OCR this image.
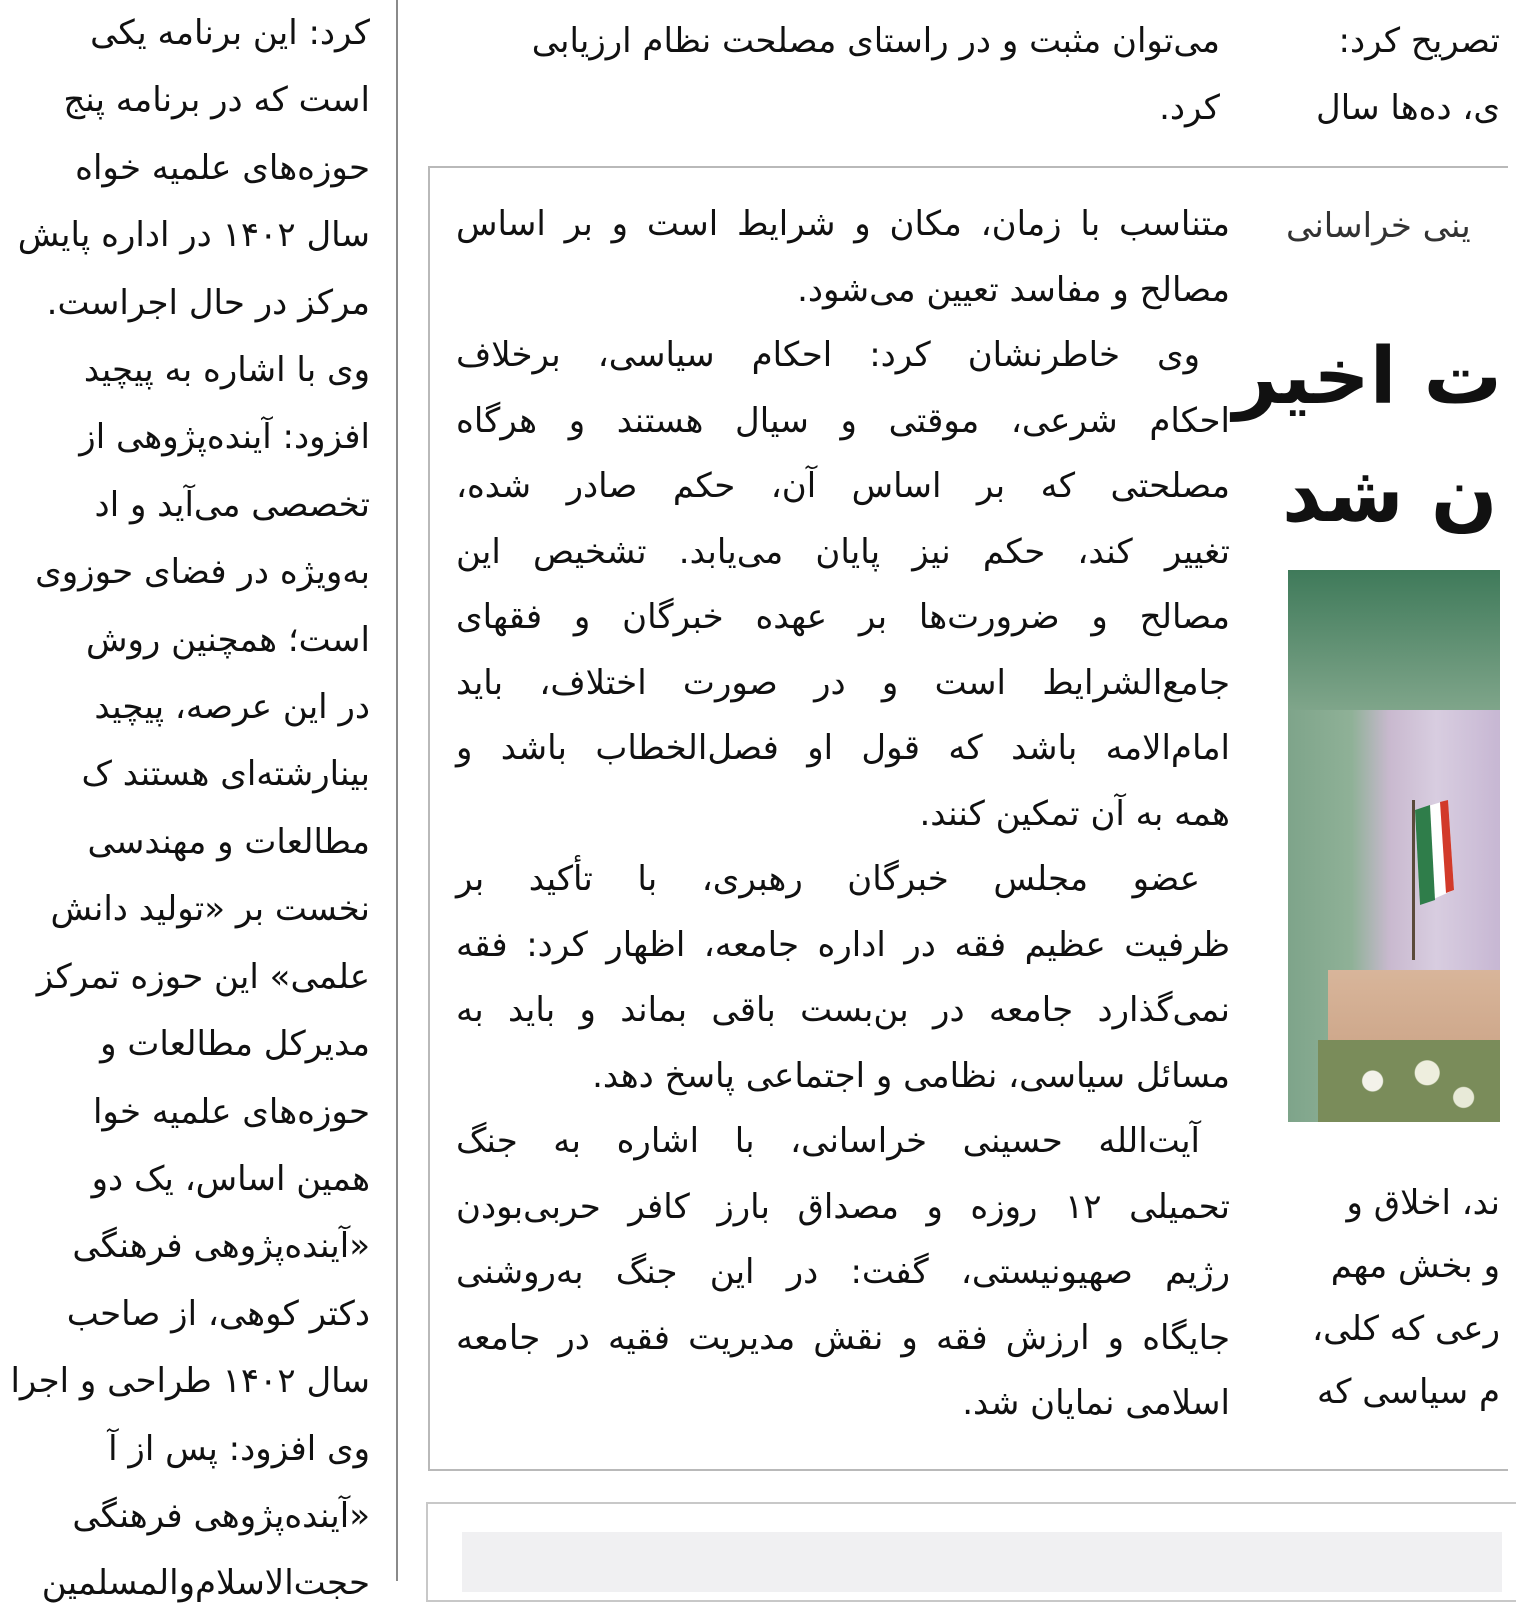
کرد: این برنامه یکی
است که در برنامه پنج
حوزه‌های علمیه خواه
سال ۱۴۰۲ در اداره پایش
مرکز در حال اجراست.
وی با اشاره به پیچید
افزود: آینده‌پژوهی از
تخصصی می‌آید و اد
به‌ویژه در فضای حوزوی
است؛ همچنین روش
در این عرصه، پیچید
بینارشته‌ای هستند ک
مطالعات و مهندسی
نخست بر «تولید دانش
علمی» این حوزه تمرکز
مدیرکل مطالعات و
حوزه‌های علمیه خوا
همین اساس، یک دو
«آینده‌پژوهی فرهنگی
دکتر کوهی، از صاحب
سال ۱۴۰۲ طراحی و اجرا
وی افزود: پس از آ
«آینده‌پژوهی فرهنگی
حجت‌الاسلام‌والمسلمین
می‌توان مثبت و در راستای مصلحت نظام ارزیابی
کرد.
تصریح کرد:
ی، ده‌ها سال
متناسب با زمان، مکان و شرایط است و بر اساس
مصالح و مفاسد تعیین می‌شود.
وی خاطرنشان کرد: احکام سیاسی، برخلاف
احکام شرعی، موقتی و سیال هستند و هرگاه
مصلحتی که بر اساس آن، حکم صادر شده،
تغییر کند، حکم نیز پایان می‌یابد. تشخیص این
مصالح و ضرورت‌ها بر عهده خبرگان و فقهای
جامع‌الشرایط است و در صورت اختلاف، باید
امام‌الامه باشد که قول او فصل‌الخطاب باشد و
همه به آن تمکین کنند.
عضو مجلس خبرگان رهبری، با تأکید بر
ظرفیت عظیم فقه در اداره جامعه، اظهار کرد: فقه
نمی‌گذارد جامعه در بن‌بست باقی بماند و باید به
مسائل سیاسی، نظامی و اجتماعی پاسخ دهد.
آیت‌الله حسینی خراسانی، با اشاره به جنگ
تحمیلی ۱۲ روزه و مصداق بارز کافر حربی‌بودن
رژیم صهیونیستی، گفت: در این جنگ به‌روشنی
جایگاه و ارزش فقه و نقش مدیریت فقیه در جامعه
اسلامی نمایان شد.
ینی خراسانی
ت اخیر
ن شد
ند، اخلاق و
و بخش مهم
رعی که کلی،
م سیاسی که
